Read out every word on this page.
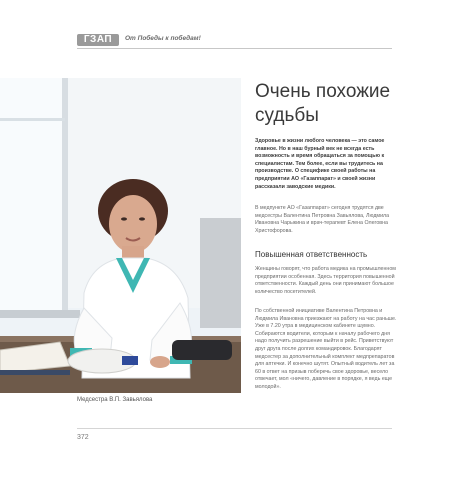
ГЗАП	От Победы к победам!
Медсестра В.П. Завьялова
Очень похожие судьбы
Здоровье в жизни любого человека — это самое главное. Но в наш бурный век не всегда есть возможность и время обращаться за помощью к специалистам. Тем более, если вы трудитесь на производстве. О специфике своей работы на предприятии АО «Газаппарат» и своей жизни рассказали заводские медики.
В медпункте АО «Газаппарат» сегодня трудятся две медсестры Валентина Петровна Завьялова, Людмила Ивановна Чарыкина и врач-терапевт Елена Олеговна Христофорова.
Повышенная ответственность
Женщины говорят, что работа медика на промышленном предприятии особенная. Здесь территория повышенной ответственности. Каждый день они принимают большое количество посетителей.
По собственной инициативе Валентина Петровна и Людмила Ивановна приезжают на работу на час раньше. Уже в 7.20 утра в медицинском кабинете шумно. Собираются водители, которым к началу рабочего дня надо получить разрешение выйти в рейс. Приветствуют друг друга после долгих командировок. Благодарят медсестер за дополнительный комплект медпрепаратов для аптечки. И конечно шутят. Опытный водитель лет за 60 в ответ на призыв поберечь свое здоровье, весело отвечает, мол «ничего, давление в порядке, я ведь еще молодой».
372
